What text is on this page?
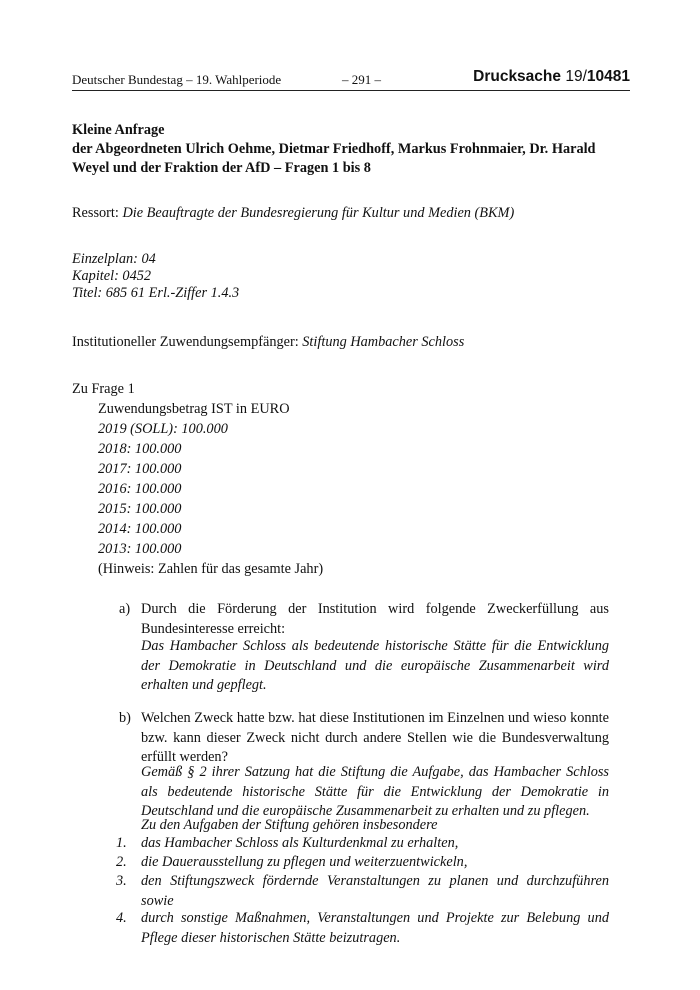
Deutscher Bundestag – 19. Wahlperiode	– 291 –	Drucksache 19/10481
Kleine Anfrage
der Abgeordneten Ulrich Oehme, Dietmar Friedhoff, Markus Frohnmaier, Dr. Harald
Weyel und der Fraktion der AfD – Fragen 1 bis 8
Ressort: Die Beauftragte der Bundesregierung für Kultur und Medien (BKM)
Einzelplan: 04
Kapitel: 0452
Titel: 685 61 Erl.-Ziffer 1.4.3
Institutioneller Zuwendungsempfänger: Stiftung Hambacher Schloss
Zu Frage 1
Zuwendungsbetrag IST in EURO
2019 (SOLL): 100.000
2018: 100.000
2017: 100.000
2016: 100.000
2015: 100.000
2014: 100.000
2013: 100.000
(Hinweis: Zahlen für das gesamte Jahr)
a) Durch die Förderung der Institution wird folgende Zweckerfüllung aus Bundesinteresse erreicht:
Das Hambacher Schloss als bedeutende historische Stätte für die Entwicklung der Demokratie in Deutschland und die europäische Zusammenarbeit wird erhalten und gepflegt.
b) Welchen Zweck hatte bzw. hat diese Institutionen im Einzelnen und wieso konnte bzw. kann dieser Zweck nicht durch andere Stellen wie die Bundesverwaltung erfüllt werden?
Gemäß § 2 ihrer Satzung hat die Stiftung die Aufgabe, das Hambacher Schloss als bedeutende historische Stätte für die Entwicklung der Demokratie in Deutschland und die europäische Zusammenarbeit zu erhalten und zu pflegen.
Zu den Aufgaben der Stiftung gehören insbesondere
1. das Hambacher Schloss als Kulturdenkmal zu erhalten,
2. die Dauerausstellung zu pflegen und weiterzuentwickeln,
3. den Stiftungszweck fördernde Veranstaltungen zu planen und durchzuführen sowie
4. durch sonstige Maßnahmen, Veranstaltungen und Projekte zur Belebung und Pflege dieser historischen Stätte beizutragen.
